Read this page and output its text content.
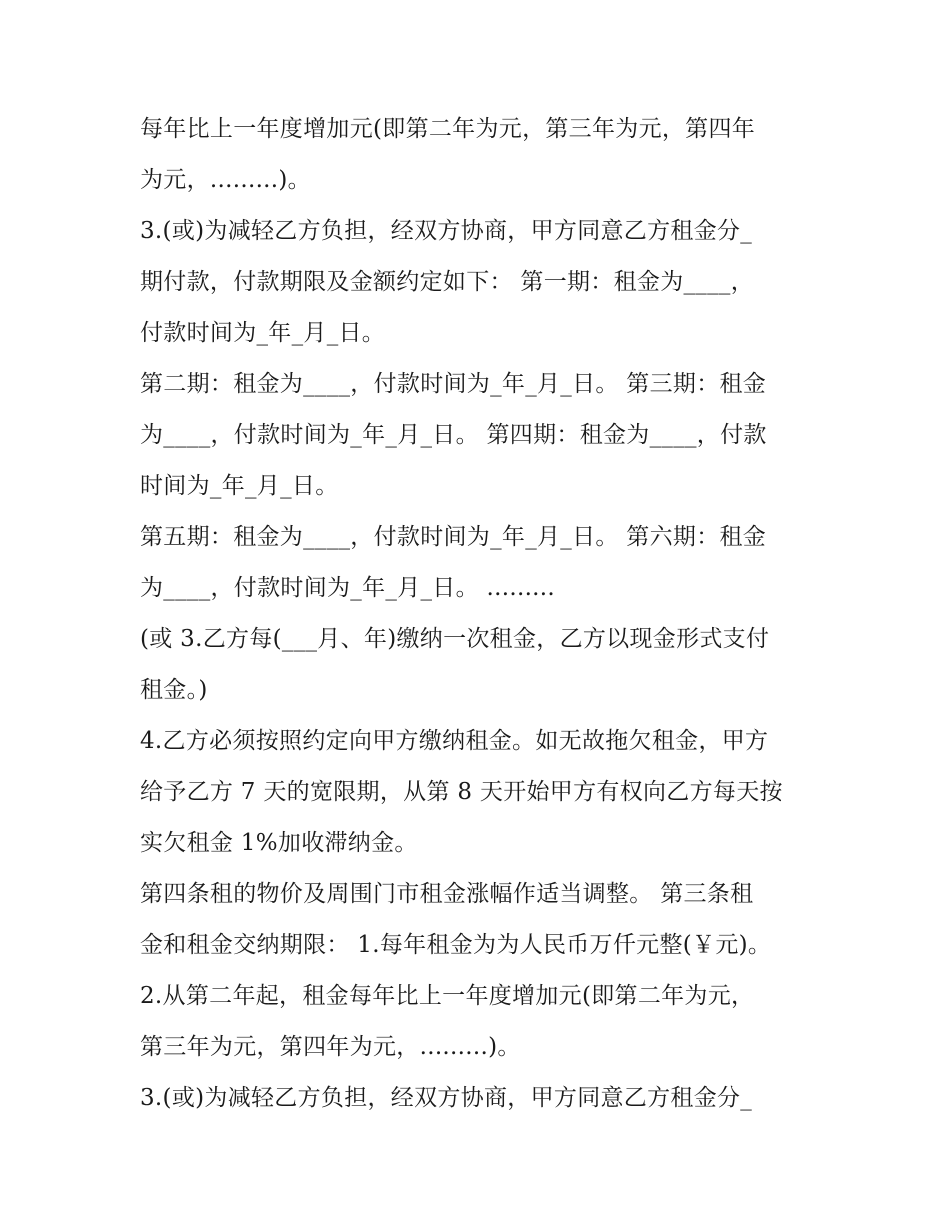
每年比上一年度增加元(即第二年为元，第三年为元，第四年
为元，.........)。
3.(或)为减轻乙方负担，经双方协商，甲方同意乙方租金分_
期付款，付款期限及金额约定如下： 第一期：租金为____，
付款时间为_年_月_日。
第二期：租金为____，付款时间为_年_月_日。 第三期：租金
为____，付款时间为_年_月_日。 第四期：租金为____，付款
时间为_年_月_日。
第五期：租金为____，付款时间为_年_月_日。 第六期：租金
为____，付款时间为_年_月_日。 .........
(或 3.乙方每(___月、年)缴纳一次租金，乙方以现金形式支付
租金。)
4.乙方必须按照约定向甲方缴纳租金。如无故拖欠租金，甲方
给予乙方 7 天的宽限期，从第 8 天开始甲方有权向乙方每天按
实欠租金 1%加收滞纳金。
第四条租的物价及周围门市租金涨幅作适当调整。 第三条租
金和租金交纳期限： 1.每年租金为为人民币万仟元整(￥元)。
2.从第二年起，租金每年比上一年度增加元(即第二年为元，
第三年为元，第四年为元，.........)。
3.(或)为减轻乙方负担，经双方协商，甲方同意乙方租金分_
